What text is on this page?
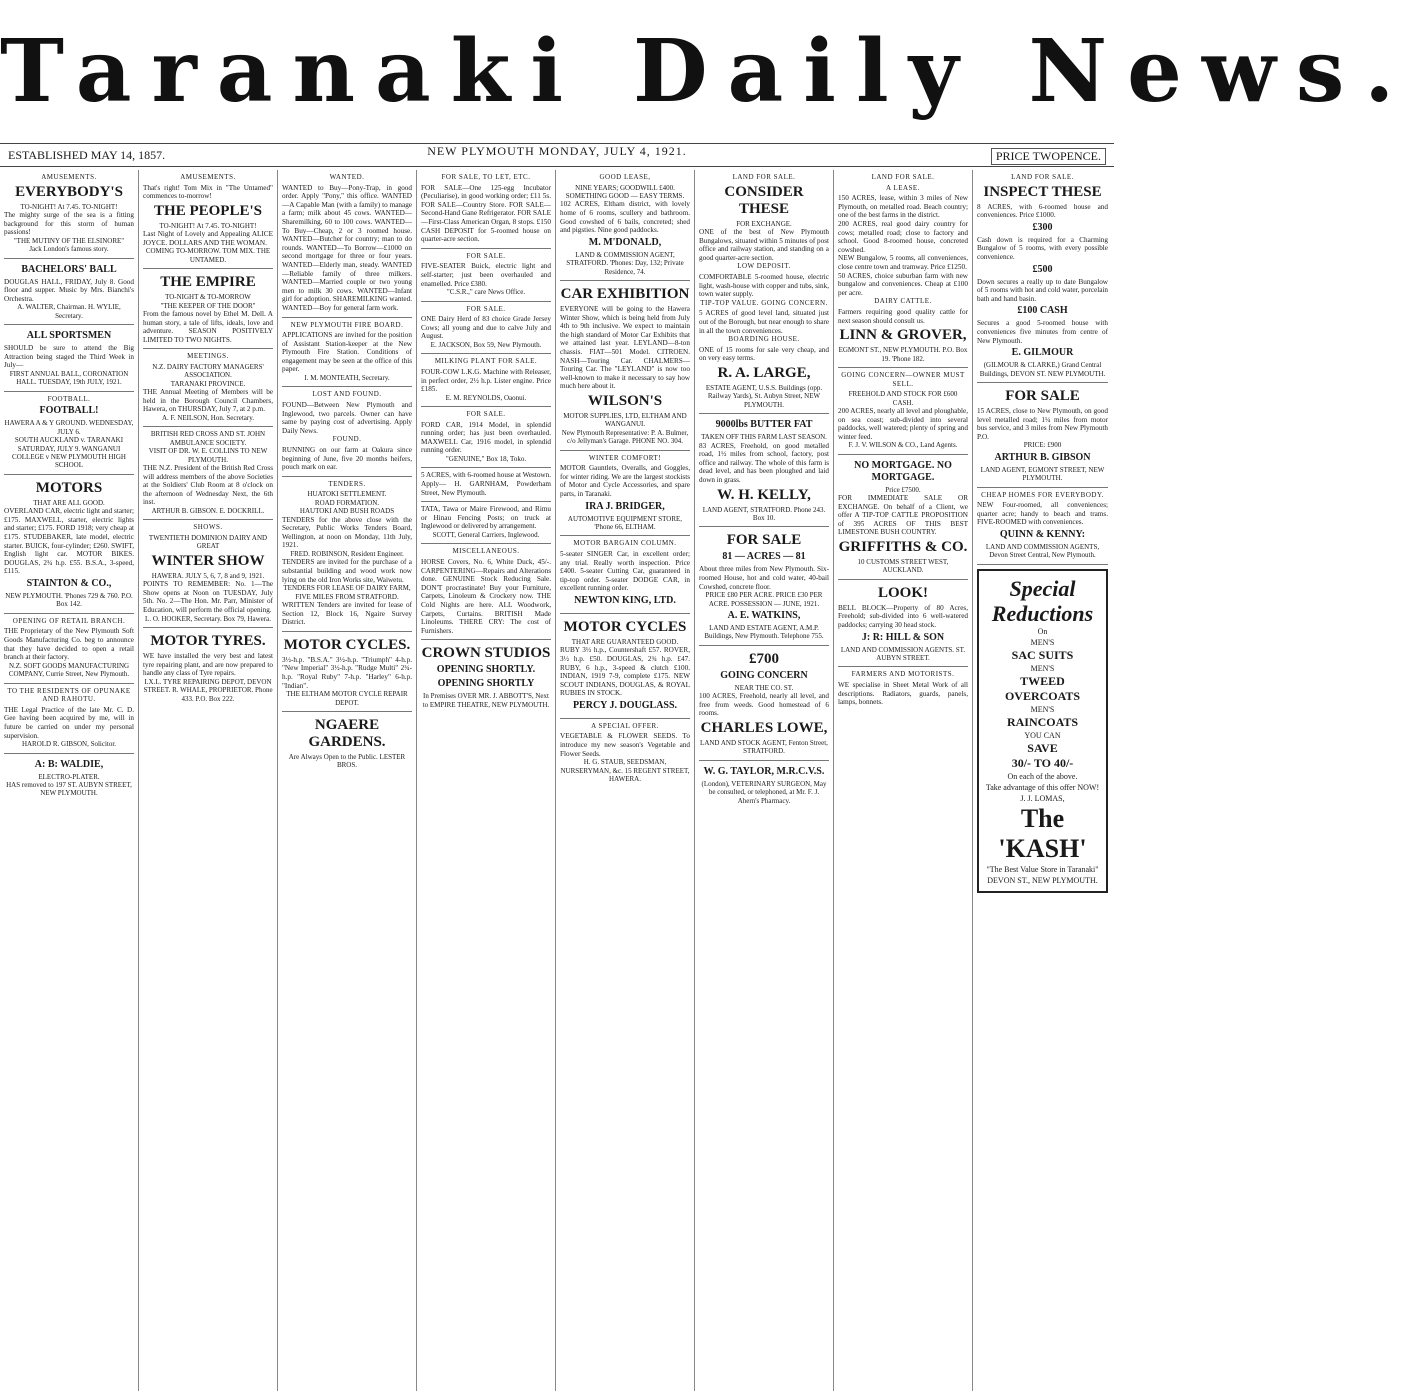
Taranaki Daily News.
ESTABLISHED MAY 14, 1857.	NEW PLYMOUTH MONDAY, JULY 4, 1921.	PRICE TWOPENCE.
AMUSEMENTS.
EVERYBODY'S
TO-NIGHT! At 7.45. TO-NIGHT!
The mighty surge of the sea is a fitting background for this storm of human passions!
"THE MUTINY OF THE ELSINORE"
Jack London's famous story.
BACHELORS' BALL
DOUGLAS HALL, FRIDAY, July 8. Good floor and supper. Music by Mrs. Bianchi's Orchestra.
A. WALTER, Chairman. H. WYLIE, Secretary.
ALL SPORTSMEN
SHOULD be sure to attend the Big Attraction being staged the Third Week in July—
FIRST ANNUAL BALL, CORONATION HALL. TUESDAY, 19th JULY, 1921.
FOOTBALL.
FOOTBALL!
HAWERA A & Y GROUND. WEDNESDAY, JULY 6.
SOUTH AUCKLAND v. TARANAKI
SATURDAY, JULY 9. WANGANUI COLLEGE v NEW PLYMOUTH HIGH SCHOOL
MOTORS
THAT ARE ALL GOOD.
OVERLAND CAR, electric light and starter; £175. MAXWELL, starter, electric lights and starter; £175. FORD 1918; very cheap at £175. STUDEBAKER, late model, electric starter. BUICK, four-cylinder; £260. SWIFT, English light car. MOTOR BIKES. DOUGLAS, 2¾ h.p. £55. B.S.A., 3-speed, £115.
STAINTON & CO.,
NEW PLYMOUTH. 'Phones 729 & 760. P.O. Box 142.
OPENING OF RETAIL BRANCH.
THE Proprietary of the New Plymouth Soft Goods Manufacturing Co. beg to announce that they have decided to open a retail branch at their factory.
N.Z. SOFT GOODS MANUFACTURING COMPANY, Currie Street, New Plymouth.
TO THE RESIDENTS OF OPUNAKE AND RAHOTU.
THE Legal Practice of the late Mr. C. D. Gee having been acquired by me, will in future be carried on under my personal supervision.
HAROLD R. GIBSON, Solicitor.
A: B: WALDIE,
ELECTRO-PLATER.
HAS removed to 197 ST. AUBYN STREET, NEW PLYMOUTH.
AMUSEMENTS.
That's right! Tom Mix in "The Untamed" commences to-morrow!
THE PEOPLE'S
TO-NIGHT! At 7.45. TO-NIGHT!
Last Night of Lovely and Appealing ALICE JOYCE. DOLLARS AND THE WOMAN.
COMING TO-MORROW. TOM MIX. THE UNTAMED.
THE EMPIRE
TO-NIGHT & TO-MORROW
"THE KEEPER OF THE DOOR"
From the famous novel by Ethel M. Dell. A human story, a tale of lifts, ideals, love and adventure. SEASON POSITIVELY LIMITED TO TWO NIGHTS.
MEETINGS.
N.Z. DAIRY FACTORY MANAGERS' ASSOCIATION.
TARANAKI PROVINCE.
THE Annual Meeting of Members will be held in the Borough Council Chambers, Hawera, on THURSDAY, July 7, at 2 p.m.
A. F. NEILSON, Hon. Secretary.
BRITISH RED CROSS AND ST. JOHN AMBULANCE SOCIETY.
VISIT OF DR. W. E. COLLINS TO NEW PLYMOUTH.
THE N.Z. President of the British Red Cross will address members of the above Societies at the Soldiers' Club Room at 8 o'clock on the afternoon of Wednesday Next, the 6th inst.
ARTHUR B. GIBSON. E. DOCKRILL.
SHOWS.
TWENTIETH DOMINION DAIRY AND GREAT
WINTER SHOW
HAWERA. JULY 5, 6, 7, 8 and 9, 1921.
POINTS TO REMEMBER: No. 1—The Show opens at Noon on TUESDAY, July 5th. No. 2—The Hon. Mr. Parr, Minister of Education, will perform the official opening.
L. O. HOOKER, Secretary. Box 79, Hawera.
MOTOR TYRES.
WE have installed the very best and latest tyre repairing plant, and are now prepared to handle any class of Tyre repairs.
I.X.L. TYRE REPAIRING DEPOT, DEVON STREET. R. WHALE, PROPRIETOR. Phone 433. P.O. Box 222.
WANTED.
WANTED to Buy—Pony-Trap, in good order. Apply "Pony," this office. WANTED—A Capable Man (with a family) to manage a farm; milk about 45 cows. WANTED—Sharemilking, 60 to 100 cows. WANTED—To Buy—Cheap, 2 or 3 roomed house. WANTED—Butcher for country; man to do rounds. WANTED—To Borrow—£1000 on second mortgage for three or four years. WANTED—Elderly man, steady. WANTED—Reliable family of three milkers. WANTED—Married couple or two young men to milk 30 cows. WANTED—Infant girl for adoption. SHAREMILKING wanted. WANTED—Boy for general farm work.
NEW PLYMOUTH FIRE BOARD.
APPLICATIONS are invited for the position of Assistant Station-keeper at the New Plymouth Fire Station. Conditions of engagement may be seen at the office of this paper.
I. M. MONTEATH, Secretary.
LOST AND FOUND.
FOUND—Between New Plymouth and Inglewood, two parcels. Owner can have same by paying cost of advertising. Apply Daily News.
FOUND.
RUNNING on our farm at Oakura since beginning of June, five 20 months heifers, pouch mark on ear.
TENDERS.
HUATOKI SETTLEMENT.
ROAD FORMATION.
HAUTOKI AND BUSH ROADS
TENDERS for the above close with the Secretary, Public Works Tenders Board, Wellington, at noon on Monday, 11th July, 1921.
FRED. ROBINSON, Resident Engineer.
TENDERS are invited for the purchase of a substantial building and wood work now lying on the old Iron Works site, Waiwetu.
TENDERS FOR LEASE OF DAIRY FARM, FIVE MILES FROM STRATFORD.
WRITTEN Tenders are invited for lease of Section 12, Block 16, Ngaire Survey District.
MOTOR CYCLES.
3½-h.p. "B.S.A." 3½-h.p. "Triumph" 4-h.p. "New Imperial" 3½-h.p. "Rudge Multi" 2¾-h.p. "Royal Ruby" 7-h.p. "Harley" 6-h.p. "Indian".
THE ELTHAM MOTOR CYCLE REPAIR DEPOT.
NGAERE GARDENS.
Are Always Open to the Public. LESTER BROS.
FOR SALE, TO LET, ETC.
FOR SALE—One 125-egg Incubator (Peculiarise), in good working order; £11 5s. FOR SALE—Country Store. FOR SALE—Second-Hand Gane Refrigerator. FOR SALE—First-Class American Organ, 8 stops. £150 CASH DEPOSIT for 5-roomed house on quarter-acre section.
FOR SALE.
FIVE-SEATER Buick, electric light and self-starter; just been overhauled and enamelled. Price £380.
"C.S.R.," care News Office.
FOR SALE.
ONE Dairy Herd of 83 choice Grade Jersey Cows; all young and due to calve July and August.
E. JACKSON, Box 59, New Plymouth.
MILKING PLANT FOR SALE.
FOUR-COW L.K.G. Machine with Releaser, in perfect order, 2½ h.p. Lister engine. Price £185.
E. M. REYNOLDS, Oaonui.
FOR SALE.
FORD CAR, 1914 Model, in splendid running order; has just been overhauled. MAXWELL Car, 1916 model, in splendid running order.
"GENUINE," Box 18, Toko.
5 ACRES, with 6-roomed house at Westown. Apply— H. GARNHAM, Powderham Street, New Plymouth.
TATA, Tawa or Maire Firewood, and Rimu or Hinau Fencing Posts; on truck at Inglewood or delivered by arrangement.
SCOTT, General Carriers, Inglewood.
MISCELLANEOUS.
HORSE Covers, No. 6, White Duck, 45/-. CARPENTERING—Repairs and Alterations done. GENUINE Stock Reducing Sale. DON'T procrastinate! Buy your Furniture, Carpets, Linoleum & Crockery now. THE Cold Nights are here. ALL Woodwork, Carpets, Curtains. BRITISH Made Linoleums. THERE CRY: The cost of Furnishers.
CROWN STUDIOS
OPENING SHORTLY.
OPENING SHORTLY
In Premises OVER MR. J. ABBOTT'S, Next to EMPIRE THEATRE, NEW PLYMOUTH.
GOOD LEASE,
NINE YEARS; GOODWILL £400.
SOMETHING GOOD — EASY TERMS.
102 ACRES, Eltham district, with lovely home of 6 rooms, scullery and bathroom. Good cowshed of 6 bails, concreted; shed and pigsties. Nine good paddocks.
M. M'DONALD,
LAND & COMMISSION AGENT, STRATFORD. 'Phones: Day, 132; Private Residence, 74.
CAR EXHIBITION
EVERYONE will be going to the Hawera Winter Show, which is being held from July 4th to 9th inclusive. We expect to maintain the high standard of Motor Car Exhibits that we attained last year. LEYLAND—8-ton chassis. FIAT—501 Model. CITROEN. NASH—Touring Car. CHALMERS—Touring Car. The "LEYLAND" is now too well-known to make it necessary to say how much here about it.
WILSON'S
MOTOR SUPPLIES, LTD, ELTHAM AND WANGANUI.
New Plymouth Representative: P. A. Bulmer, c/o Jellyman's Garage. PHONE NO. 304.
WINTER COMFORT!
MOTOR Gauntlets, Overalls, and Goggles, for winter riding. We are the largest stockists of Motor and Cycle Accessories, and spare parts, in Taranaki.
IRA J. BRIDGER,
AUTOMOTIVE EQUIPMENT STORE, 'Phone 66, ELTHAM.
MOTOR BARGAIN COLUMN.
5-seater SINGER Car, in excellent order; any trial. Really worth inspection. Price £400. 5-seater Cutting Car, guaranteed in tip-top order. 5-seater DODGE CAR, in excellent running order.
NEWTON KING, LTD.
MOTOR CYCLES
THAT ARE GUARANTEED GOOD.
RUBY 3½ h.p., Countershaft £57. ROVER, 3½ h.p. £50. DOUGLAS, 2¾ h.p. £47. RUBY, 6 h.p., 3-speed & clutch £100. INDIAN, 1919 7-9, complete £175. NEW SCOUT INDIANS, DOUGLAS, & ROYAL RUBIES IN STOCK.
PERCY J. DOUGLASS.
A SPECIAL OFFER.
VEGETABLE & FLOWER SEEDS. To introduce my new season's Vegetable and Flower Seeds.
H. G. STAUB, SEEDSMAN, NURSERYMAN, &c. 15 REGENT STREET, HAWERA.
LAND FOR SALE.
CONSIDER THESE
FOR EXCHANGE.
ONE of the best of New Plymouth Bungalows, situated within 5 minutes of post office and railway station, and standing on a good quarter-acre section.
LOW DEPOSIT.
COMFORTABLE 5-roomed house, electric light, wash-house with copper and tubs, sink, town water supply.
TIP-TOP VALUE. GOING CONCERN.
5 ACRES of good level land, situated just out of the Borough, but near enough to share in all the town conveniences.
BOARDING HOUSE.
ONE of 15 rooms for sale very cheap, and on very easy terms.
R. A. LARGE,
ESTATE AGENT, U.S.S. Buildings (opp. Railway Yards), St. Aubyn Street, NEW PLYMOUTH.
9000lbs BUTTER FAT
TAKEN OFF THIS FARM LAST SEASON.
83 ACRES, Freehold, on good metalled road, 1½ miles from school, factory, post office and railway. The whole of this farm is dead level, and has been ploughed and laid down in grass.
W. H. KELLY,
LAND AGENT, STRATFORD. Phone 243. Box 10.
FOR SALE
81 — ACRES — 81
About three miles from New Plymouth. Six-roomed House, hot and cold water, 40-bail Cowshed, concrete floor.
PRICE £80 PER ACRE. PRICE £30 PER ACRE. POSSESSION — JUNE, 1921.
A. E. WATKINS,
LAND AND ESTATE AGENT, A.M.P. Buildings, New Plymouth. Telephone 755.
£700
GOING CONCERN
NEAR THE CO. ST.
100 ACRES, Freehold, nearly all level, and free from weeds. Good homestead of 6 rooms.
CHARLES LOWE,
LAND AND STOCK AGENT, Fenton Street, STRATFORD.
W. G. TAYLOR, M.R.C.V.S.
(London), VETERINARY SURGEON, May be consulted, or telephoned, at Mr. F. J. Ahern's Pharmacy.
LAND FOR SALE.
A LEASE.
150 ACRES, lease, within 3 miles of New Plymouth, on metalled road. Beach country; one of the best farms in the district.
200 ACRES, real good dairy country for cows; metalled road; close to factory and school. Good 8-roomed house, concreted cowshed.
NEW Bungalow, 5 rooms, all conveniences, close centre town and tramway. Price £1250.
50 ACRES, choice suburban farm with new bungalow and conveniences. Cheap at £100 per acre.
DAIRY CATTLE.
Farmers requiring good quality cattle for next season should consult us.
LINN & GROVER,
EGMONT ST., NEW PLYMOUTH. P.O. Box 19. 'Phone 182.
GOING CONCERN—OWNER MUST SELL.
FREEHOLD AND STOCK FOR £600 CASH.
200 ACRES, nearly all level and ploughable, on sea coast; sub-divided into several paddocks, well watered; plenty of spring and winter feed.
F. J. V. WILSON & CO., Land Agents.
NO MORTGAGE. NO MORTGAGE.
Price £7500.
FOR IMMEDIATE SALE OR EXCHANGE. On behalf of a Client, we offer A TIP-TOP CATTLE PROPOSITION of 395 ACRES OF THIS BEST LIMESTONE BUSH COUNTRY.
GRIFFITHS & CO.
10 CUSTOMS STREET WEST, AUCKLAND.
LOOK!
BELL BLOCK—Property of 80 Acres, Freehold; sub-divided into 6 well-watered paddocks; carrying 30 head stock.
J: R: HILL & SON
LAND AND COMMISSION AGENTS. ST. AUBYN STREET.
FARMERS AND MOTORISTS.
WE specialise in Sheet Metal Work of all descriptions. Radiators, guards, panels, lamps, bonnets.
LAND FOR SALE.
INSPECT THESE
8 ACRES, with 6-roomed house and conveniences. Price £1000.
£300
Cash down is required for a Charming Bungalow of 5 rooms, with every possible convenience.
£500
Down secures a really up to date Bungalow of 5 rooms with hot and cold water, porcelain bath and hand basin.
£100 CASH
Secures a good 5-roomed house with conveniences five minutes from centre of New Plymouth.
E. GILMOUR
(GILMOUR & CLARKE,) Grand Central Buildings, DEVON ST. NEW PLYMOUTH.
FOR SALE
15 ACRES, close to New Plymouth, on good level metalled road; 1¼ miles from motor bus service, and 3 miles from New Plymouth P.O.
PRICE: £900
ARTHUR B. GIBSON
LAND AGENT, EGMONT STREET, NEW PLYMOUTH.
CHEAP HOMES FOR EVERYBODY.
NEW Four-roomed, all conveniences; quarter acre; handy to beach and trams. FIVE-ROOMED with conveniences.
QUINN & KENNY:
LAND AND COMMISSION AGENTS, Devon Street Central, New Plymouth.
Special
Reductions
On
MEN'S
SAC SUITS
MEN'S
TWEED
OVERCOATS
MEN'S
RAINCOATS
YOU CAN
SAVE
30/- TO 40/-
On each of the above.
Take advantage of this offer NOW!
J. J. LOMAS,
The 'KASH'
"The Best Value Store in Taranaki"
DEVON ST., NEW PLYMOUTH.
